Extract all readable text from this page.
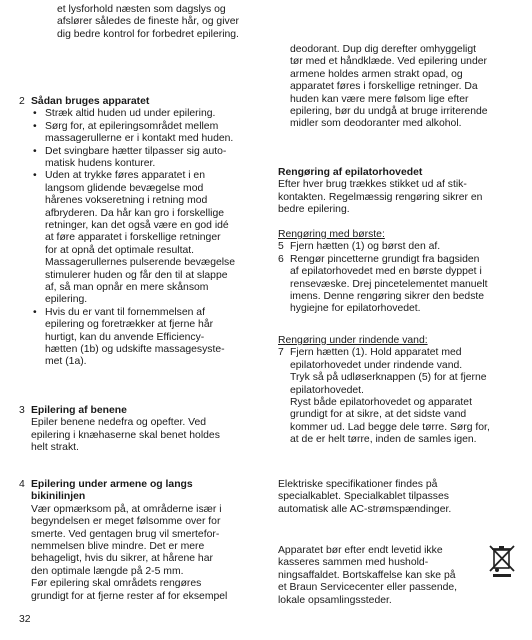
et lysforhold næsten som dagslys og
afslører således de fineste hår, og giver
dig bedre kontrol for forbedret epilering.
2 Sådan bruges apparatet
• Stræk altid huden ud under epilering.
• Sørg for, at epileringsområdet mellem
massagerullerne er i kontakt med huden.
• Det svingbare hætter tilpasser sig auto-
matisk hudens konturer.
• Uden at trykke føres apparatet i en
langsom glidende bevægelse mod
hårenes vokseretning i retning mod
afbryderen. Da hår kan gro i forskellige
retninger, kan det også være en god idé
at føre apparatet i forskellige retninger
for at opnå det optimale resultat.
Massagerullernes pulserende bevægelse
stimulerer huden og får den til at slappe
af, så man opnår en mere skånsom
epilering.
• Hvis du er vant til fornemmelsen af
epilering og foretrækker at fjerne hår
hurtigt, kan du anvende Efficiency-
hætten (1b) og udskifte massagesyste-
met (1a).
3 Epilering af benene
Epiler benene nedefra og opefter. Ved
epilering i knæhaserne skal benet holdes
helt strakt.
4 Epilering under armene og langs
bikinilinjen
Vær opmærksom på, at områderne især i
begyndelsen er meget følsomme over for
smerte. Ved gentagen brug vil smertefor-
nemmelsen blive mindre. Det er mere
behageligt, hvis du sikrer, at hårene har
den optimale længde på 2-5 mm.
Før epilering skal områdets rengøres
grundigt for at fjerne rester af for eksempel
deodorant. Dup dig derefter omhyggeligt
tør med et håndklæde. Ved epilering under
armene holdes armen strakt opad, og
apparatet føres i forskellige retninger. Da
huden kan være mere følsom lige efter
epilering, bør du undgå at bruge irriterende
midler som deodoranter med alkohol.
Rengøring af epilatorhovedet
Efter hver brug trækkes stikket ud af stik-
kontakten. Regelmæssig rengøring sikrer en
bedre epilering.
Rengøring med børste:
5 Fjern hætten (1) og børst den af.
6 Rengør pincetterne grundigt fra bagsiden
af epilatorhovedet med en børste dyppet i
rensevæske. Drej pincetelementet manuelt
imens. Denne rengøring sikrer den bedste
hygiejne for epilatorhovedet.
Rengøring under rindende vand:
7 Fjern hætten (1). Hold apparatet med
epilatorhovedet under rindende vand.
Tryk så på udløserknappen (5) for at fjerne
epilatorhovedet.
Ryst både epilatorhovedet og apparatet
grundigt for at sikre, at det sidste vand
kommer ud. Lad begge dele tørre. Sørg for,
at de er helt tørre, inden de samles igen.
Elektriske specifikationer findes på
specialkablet. Specialkablet tilpasses
automatisk alle AC-strømspændinger.
Apparatet bør efter endt levetid ikke
kasseres sammen med hushold-
ningsaffaldet. Bortskaffelse kan ske på
et Braun Servicecenter eller passende,
lokale opsamlingssteder.
32
